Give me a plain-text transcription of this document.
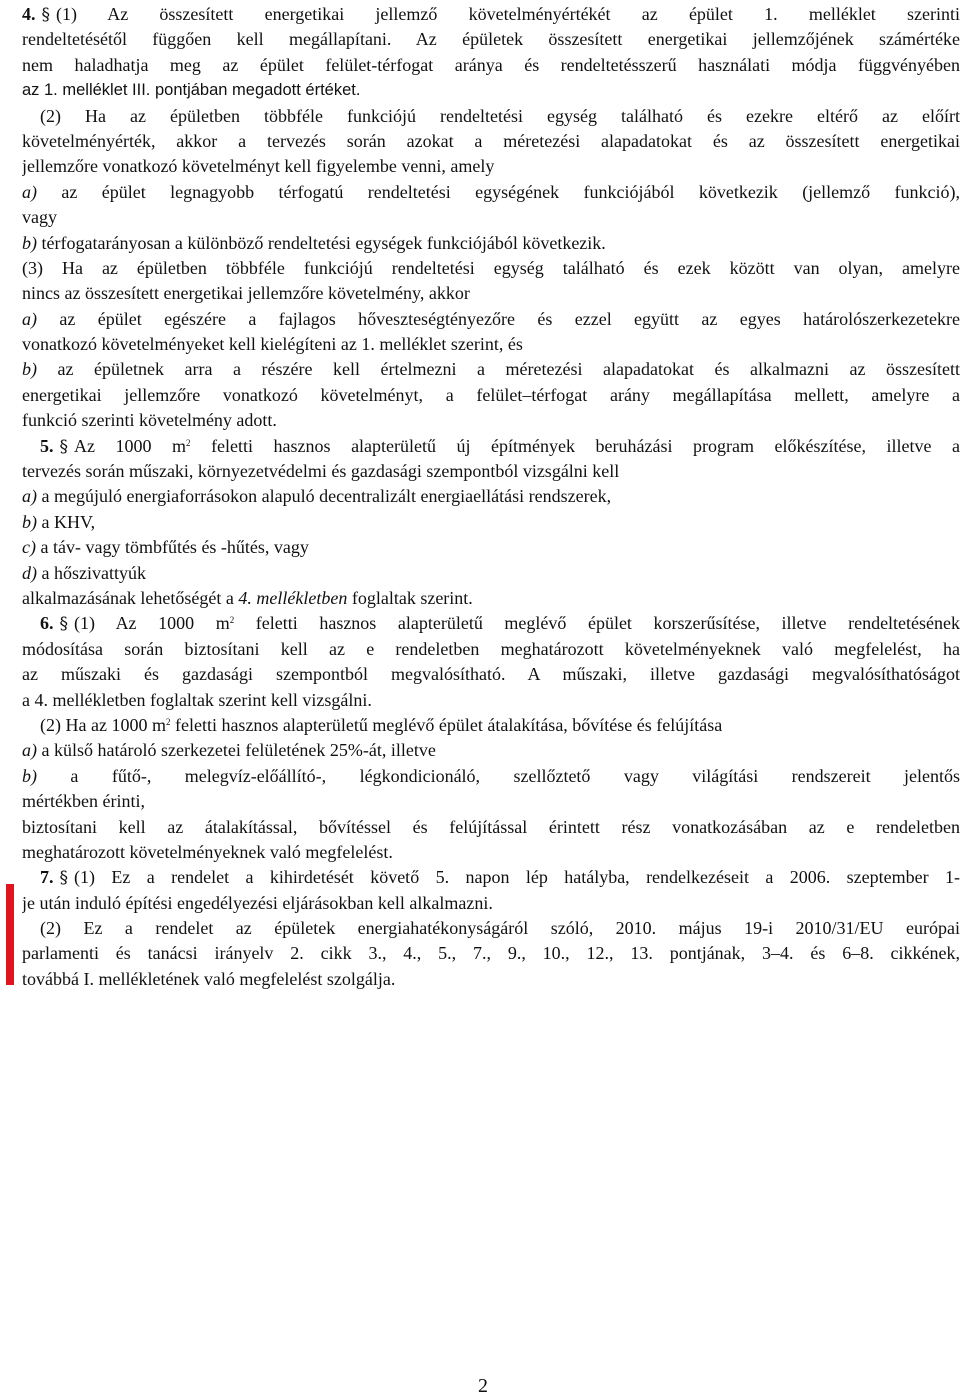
4. § (1) Az összesített energetikai jellemző követelményértékét az épület 1. melléklet szerinti
rendeltetésétől függően kell megállapítani. Az épületek összesített energetikai jellemzőjének számértéke
nem haladhatja meg az épület felület-térfogat aránya és rendeltetésszerű használati módja függvényében
az 1. melléklet III. pontjában megadott értéket.
(2) Ha az épületben többféle funkciójú rendeltetési egység található és ezekre eltérő az előírt
követelményérték, akkor a tervezés során azokat a méretezési alapadatokat és az összesített energetikai
jellemzőre vonatkozó követelményt kell figyelembe venni, amely
a) az épület legnagyobb térfogatú rendeltetési egységének funkciójából következik (jellemző funkció),
vagy
b) térfogatarányosan a különböző rendeltetési egységek funkciójából következik.
(3) Ha az épületben többféle funkciójú rendeltetési egység található és ezek között van olyan, amelyre
nincs az összesített energetikai jellemzőre követelmény, akkor
a) az épület egészére a fajlagos hőveszteségtényezőre és ezzel együtt az egyes határolószerkezetekre
vonatkozó követelményeket kell kielégíteni az 1. melléklet szerint, és
b) az épületnek arra a részére kell értelmezni a méretezési alapadatokat és alkalmazni az összesített
energetikai jellemzőre vonatkozó követelményt, a felület–térfogat arány megállapítása mellett, amelyre a
funkció szerinti követelmény adott.
5. § Az 1000 $m^2$ feletti hasznos alapterületű új építmények beruházási program előkészítése, illetve a
tervezés során műszaki, környezetvédelmi és gazdasági szempontból vizsgálni kell
a) a megújuló energiaforrásokon alapuló decentralizált energiaellátási rendszerek,
b) a KHV,
c) a táv- vagy tömbfűtés és -hűtés, vagy
d) a hőszivattyúk
alkalmazásának lehetőségét a 4. mellékletben foglaltak szerint.
6. § (1) Az 1000 $m^2$ feletti hasznos alapterületű meglévő épület korszerűsítése, illetve rendeltetésének
módosítása során biztosítani kell az e rendeletben meghatározott követelményeknek való megfelelést, ha
az műszaki és gazdasági szempontból megvalósítható. A műszaki, illetve gazdasági megvalósíthatóságot
a 4. mellékletben foglaltak szerint kell vizsgálni.
(2) Ha az 1000 $m^2$ feletti hasznos alapterületű meglévő épület átalakítása, bővítése és felújítása
a) a külső határoló szerkezetei felületének 25%-át, illetve
b) a fűtő-, melegvíz-előállító-, légkondicionáló, szellőztető vagy világítási rendszereit jelentős
mértékben érinti,
biztosítani kell az átalakítással, bővítéssel és felújítással érintett rész vonatkozásában az e rendeletben
meghatározott követelményeknek való megfelelést.
7. § (1) Ez a rendelet a kihirdetését követő 5. napon lép hatályba, rendelkezéseit a 2006. szeptember 1-
je után induló építési engedélyezési eljárásokban kell alkalmazni.
(2) Ez a rendelet az épületek energiahatékonyságáról szóló, 2010. május 19-i 2010/31/EU európai
parlamenti és tanácsi irányelv 2. cikk 3., 4., 5., 7., 9., 10., 12., 13. pontjának, 3–4. és 6–8. cikkének,
továbbá I. mellékletének való megfelelést szolgálja.
2
